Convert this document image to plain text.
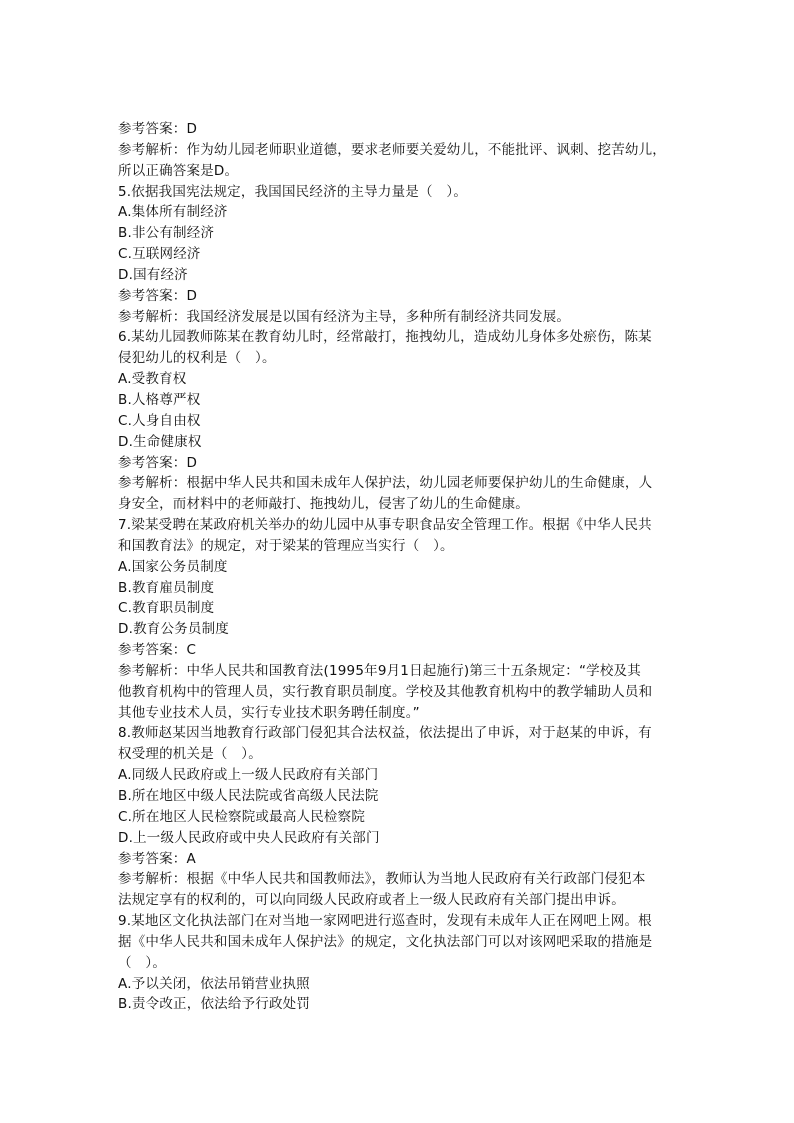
参考答案：D
参考解析：作为幼儿园老师职业道德，要求老师要关爱幼儿，不能批评、讽刺、挖苦幼儿，
所以正确答案是D。
5.依据我国宪法规定，我国国民经济的主导力量是（　）。
A.集体所有制经济
B.非公有制经济
C.互联网经济
D.国有经济
参考答案：D
参考解析：我国经济发展是以国有经济为主导，多种所有制经济共同发展。
6.某幼儿园教师陈某在教育幼儿时，经常敲打，拖拽幼儿，造成幼儿身体多处瘀伤，陈某
侵犯幼儿的权利是（　）。
A.受教育权
B.人格尊严权
C.人身自由权
D.生命健康权
参考答案：D
参考解析：根据中华人民共和国未成年人保护法，幼儿园老师要保护幼儿的生命健康，人
身安全，而材料中的老师敲打、拖拽幼儿，侵害了幼儿的生命健康。
7.梁某受聘在某政府机关举办的幼儿园中从事专职食品安全管理工作。根据《中华人民共
和国教育法》的规定，对于梁某的管理应当实行（　）。
A.国家公务员制度
B.教育雇员制度
C.教育职员制度
D.教育公务员制度
参考答案：C
参考解析：中华人民共和国教育法(1995年9月1日起施行)第三十五条规定：“学校及其
他教育机构中的管理人员，实行教育职员制度。学校及其他教育机构中的教学辅助人员和
其他专业技术人员，实行专业技术职务聘任制度。”
8.教师赵某因当地教育行政部门侵犯其合法权益，依法提出了申诉，对于赵某的申诉，有
权受理的机关是（　）。
A.同级人民政府或上一级人民政府有关部门
B.所在地区中级人民法院或省高级人民法院
C.所在地区人民检察院或最高人民检察院
D.上一级人民政府或中央人民政府有关部门
参考答案：A
参考解析：根据《中华人民共和国教师法》，教师认为当地人民政府有关行政部门侵犯本
法规定享有的权利的，可以向同级人民政府或者上一级人民政府有关部门提出申诉。
9.某地区文化执法部门在对当地一家网吧进行巡查时，发现有未成年人正在网吧上网。根
据《中华人民共和国未成年人保护法》的规定，文化执法部门可以对该网吧采取的措施是
（　）。
A.予以关闭，依法吊销营业执照
B.责令改正，依法给予行政处罚
